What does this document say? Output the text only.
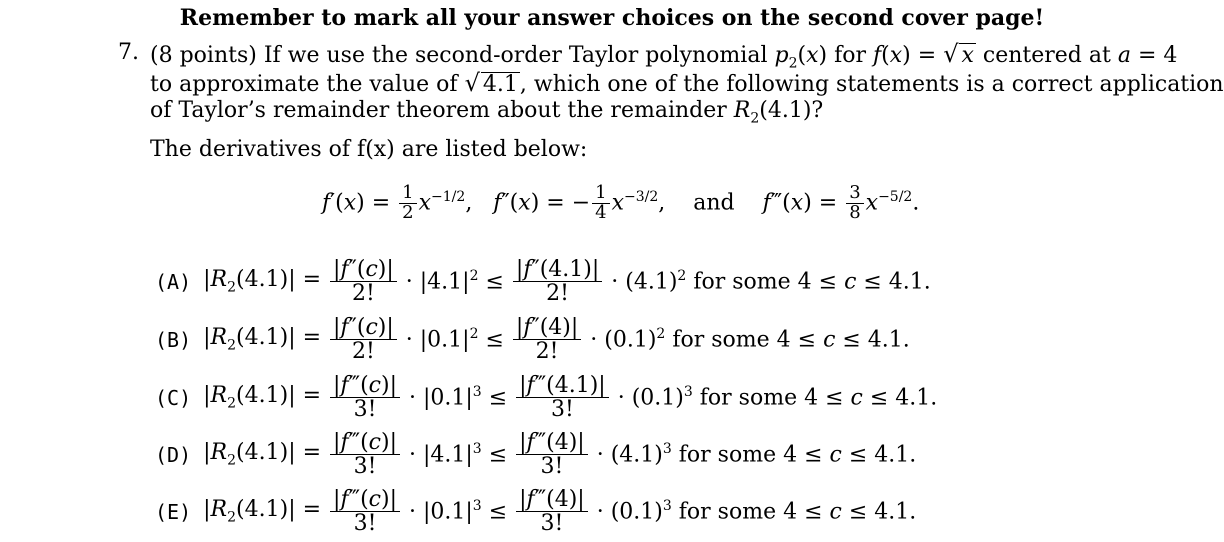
Remember to mark all your answer choices on the second cover page!
7. (8 points) If we use the second-order Taylor polynomial $p_2(x)$ for f(x) = √ x centered at a = 4
to approximate the value of √ 4.1, which one of the following statements is a correct application
of Taylor’s remainder theorem about the remainder $R_2(4.1)$?
The derivatives of f(x) are listed below:
$f'(x) = \frac{1}{2} x^{-1/2}$,   f″(x) = − $\frac{1}{4} x^{-3/2}$,    and    f‴(x) = $\frac{3}{8} x^{-5/2}$.
(A) $|R_2(4.1)| = \frac{|f''(c)|}{2!} \cdot |4.1|^2 \le \frac{|f''(4.1)|}{2!} \cdot (4.1)^2$ for some 4 ≤ c ≤ 4.1.
(B) $|R_2(4.1)| = \frac{|f''(c)|}{2!} \cdot |0.1|^2 \le \frac{|f''(4)|}{2!} \cdot (0.1)^2$ for some 4 ≤ c ≤ 4.1.
(C) $|R_2(4.1)| = \frac{|f‴(c)|}{3!} \cdot |0.1|^3 \le \frac{|f‴(4.1)|}{3!} \cdot (0.1)^3$ for some 4 ≤ c ≤ 4.1.
(D) $|R_2(4.1)| = \frac{|f‴(c)|}{3!} \cdot |4.1|^3 \le \frac{|f‴(4)|}{3!} \cdot (4.1)^3$ for some 4 ≤ c ≤ 4.1.
(E) $|R_2(4.1)| = \frac{|f‴(c)|}{3!} \cdot |0.1|^3 \le \frac{|f‴(4)|}{3!} \cdot (0.1)^3$ for some 4 ≤ c ≤ 4.1.
